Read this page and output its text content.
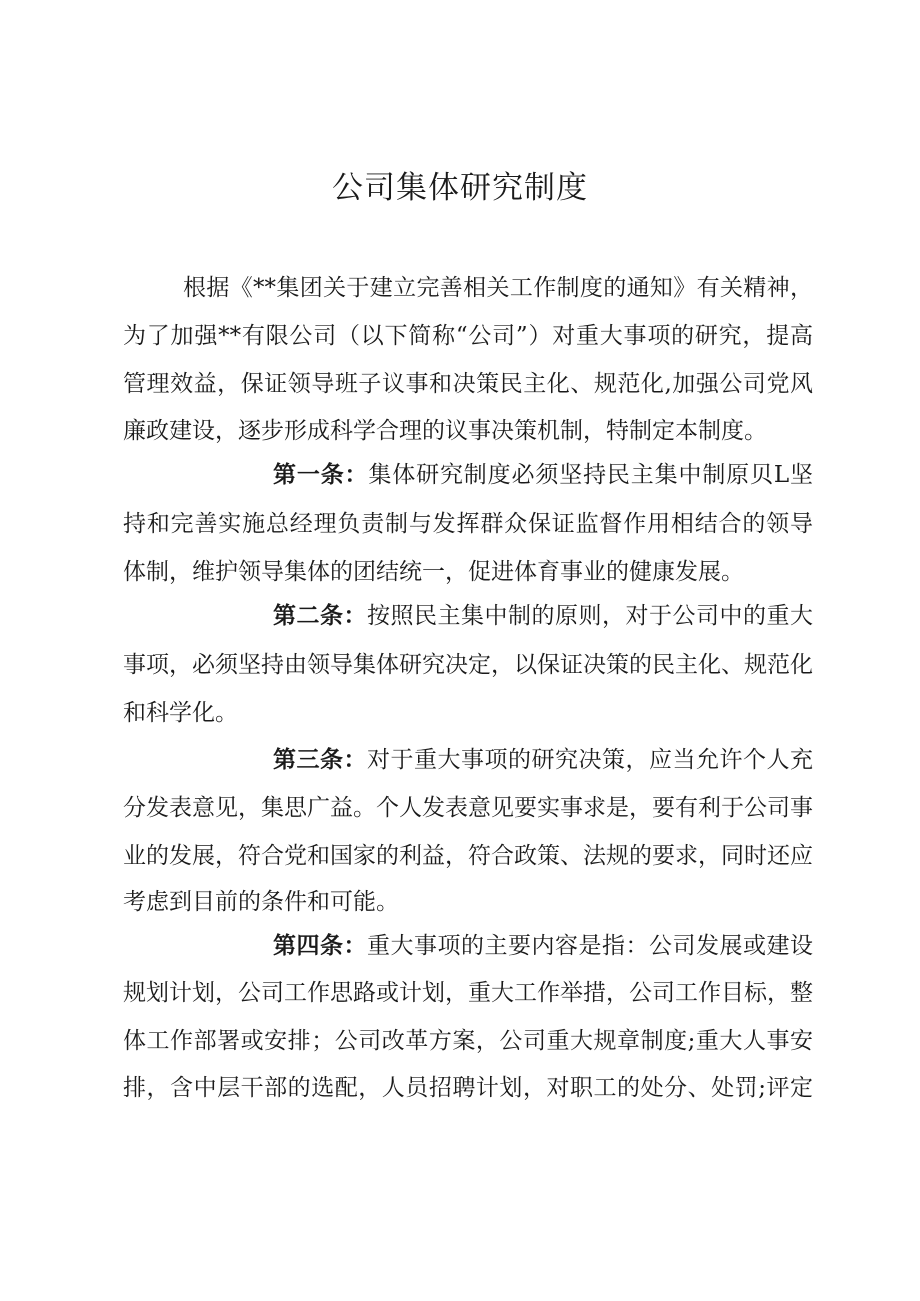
公司集体研究制度
根据《**集团关于建立完善相关工作制度的通知》有关精神，
为了加强**有限公司（以下简称“公司”）对重大事项的研究，提高
管理效益，保证领导班子议事和决策民主化、规范化,加强公司党风
廉政建设，逐步形成科学合理的议事决策机制，特制定本制度。
第一条：集体研究制度必须坚持民主集中制原贝L坚
持和完善实施总经理负责制与发挥群众保证监督作用相结合的领导
体制，维护领导集体的团结统一，促进体育事业的健康发展。
第二条：按照民主集中制的原则，对于公司中的重大
事项，必须坚持由领导集体研究决定，以保证决策的民主化、规范化
和科学化。
第三条：对于重大事项的研究决策，应当允许个人充
分发表意见，集思广益。个人发表意见要实事求是，要有利于公司事
业的发展，符合党和国家的利益，符合政策、法规的要求，同时还应
考虑到目前的条件和可能。
第四条：重大事项的主要内容是指：公司发展或建设
规划计划，公司工作思路或计划，重大工作举措，公司工作目标，整
体工作部署或安排；公司改革方案，公司重大规章制度;重大人事安
排，含中层干部的选配，人员招聘计划，对职工的处分、处罚;评定
